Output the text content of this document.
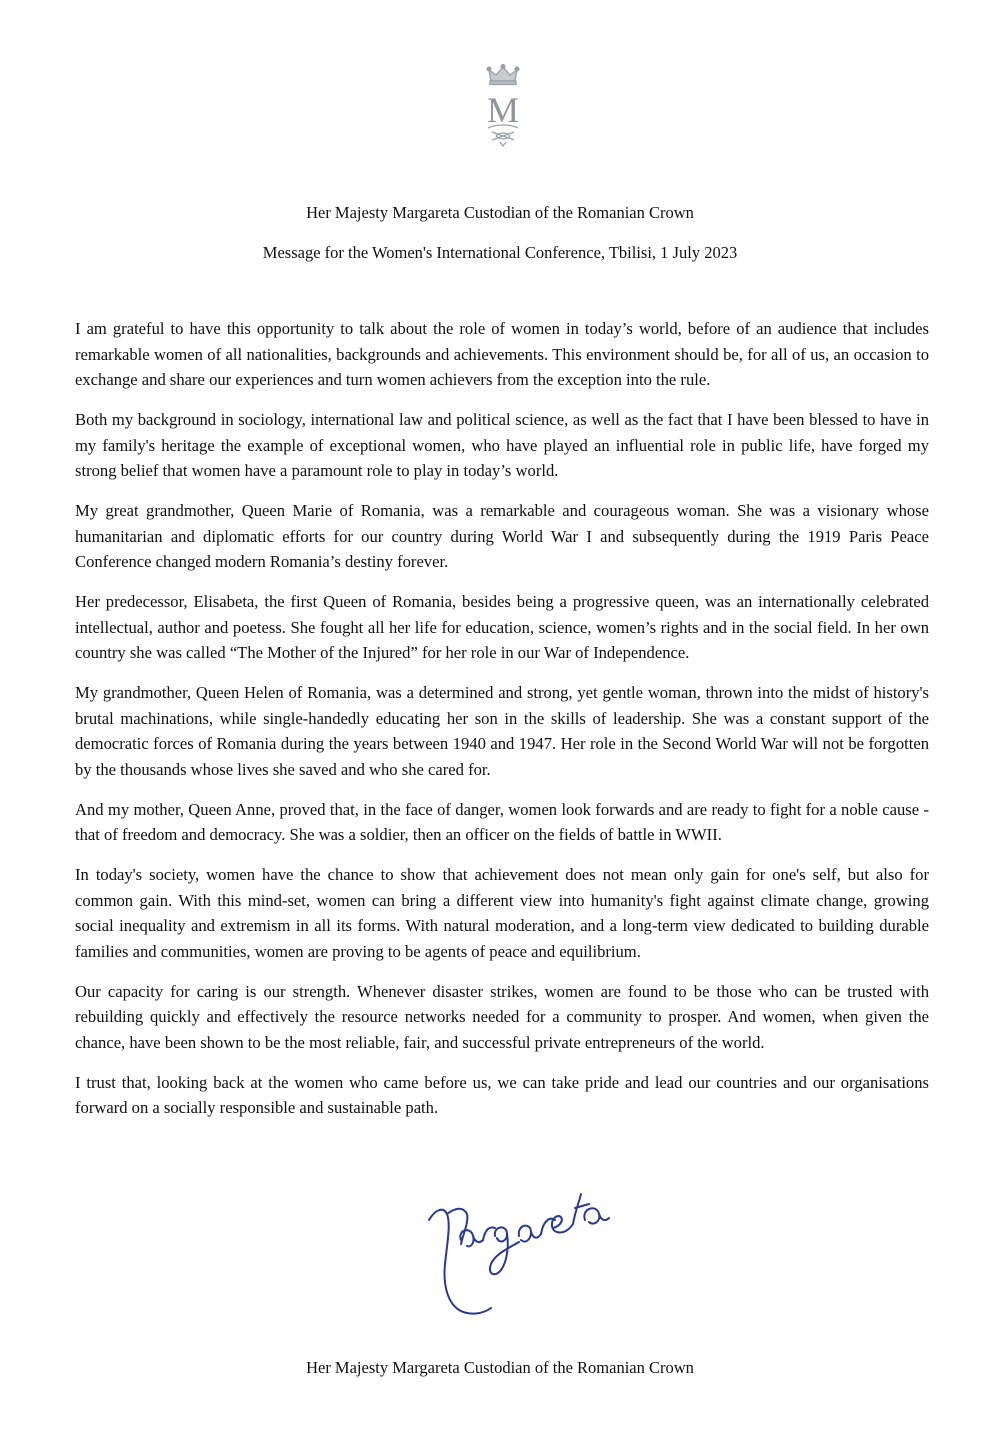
M
Her Majesty Margareta Custodian of the Romanian Crown
Message for the Women's International Conference, Tbilisi, 1 July 2023

I am grateful to have this opportunity to talk about the role of women in today’s world, before of an audience that includes remarkable women of all nationalities, backgrounds and achievements. This environment should be, for all of us, an occasion to exchange and share our experiences and turn women achievers from the exception into the rule.

Both my background in sociology, international law and political science, as well as the fact that I have been blessed to have in my family's heritage the example of exceptional women, who have played an influential role in public life, have forged my strong belief that women have a paramount role to play in today’s world.

My great grandmother, Queen Marie of Romania, was a remarkable and courageous woman. She was a visionary whose humanitarian and diplomatic efforts for our country during World War I and subsequently during the 1919 Paris Peace Conference changed modern Romania’s destiny forever.

Her predecessor, Elisabeta, the first Queen of Romania, besides being a progressive queen, was an internationally celebrated intellectual, author and poetess. She fought all her life for education, science, women’s rights and in the social field. In her own country she was called “The Mother of the Injured” for her role in our War of Independence.

My grandmother, Queen Helen of Romania, was a determined and strong, yet gentle woman, thrown into the midst of history's brutal machinations, while single-handedly educating her son in the skills of leadership. She was a constant support of the democratic forces of Romania during the years between 1940 and 1947. Her role in the Second World War will not be forgotten by the thousands whose lives she saved and who she cared for.

And my mother, Queen Anne, proved that, in the face of danger, women look forwards and are ready to fight for a noble cause - that of freedom and democracy. She was a soldier, then an officer on the fields of battle in WWII.

In today's society, women have the chance to show that achievement does not mean only gain for one's self, but also for common gain. With this mind-set, women can bring a different view into humanity's fight against climate change, growing social inequality and extremism in all its forms. With natural moderation, and a long-term view dedicated to building durable families and communities, women are proving to be agents of peace and equilibrium.

Our capacity for caring is our strength. Whenever disaster strikes, women are found to be those who can be trusted with rebuilding quickly and effectively the resource networks needed for a community to prosper. And women, when given the chance, have been shown to be the most reliable, fair, and successful private entrepreneurs of the world.

I trust that, looking back at the women who came before us, we can take pride and lead our countries and our organisations forward on a socially responsible and sustainable path.

Her Majesty Margareta Custodian of the Romanian Crown
